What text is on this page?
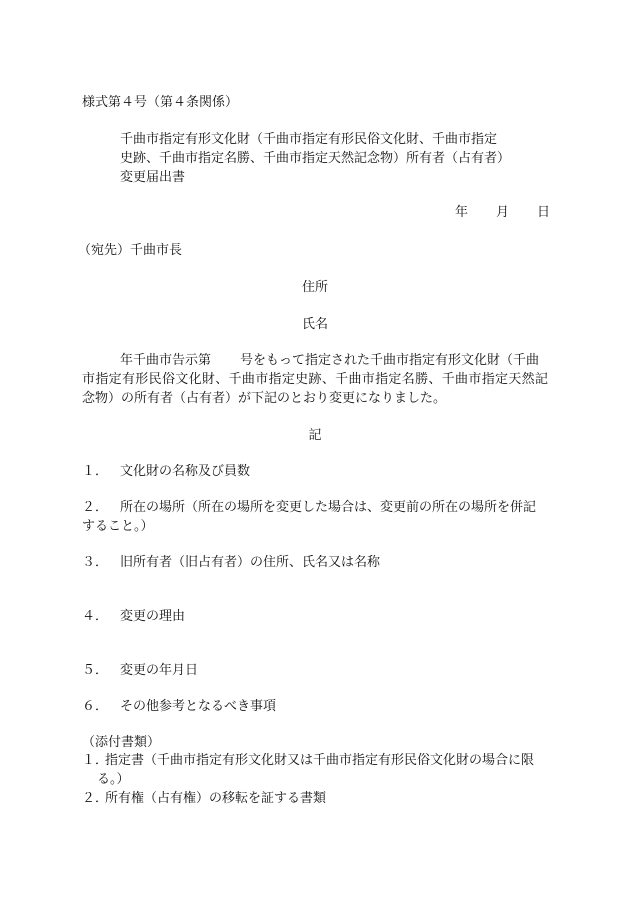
様式第４号（第４条関係）

千曲市指定有形文化財（千曲市指定有形民俗文化財、千曲市指定

史跡、千曲市指定名勝、千曲市指定天然記念物）所有者（占有者）

変更届出書

年 月 日

（宛先）千曲市長

住所

氏名

年千曲市告示第 号をもって指定された千曲市指定有形文化財（千曲

市指定有形民俗文化財、千曲市指定史跡、千曲市指定名勝、千曲市指定天然記

念物）の所有者（占有者）が下記のとおり変更になりました。

記

１． 文化財の名称及び員数

２． 所在の場所（所在の場所を変更した場合は、変更前の所在の場所を併記

すること。）

３． 旧所有者（旧占有者）の住所、氏名又は名称

４． 変更の理由

５． 変更の年月日

６． その他参考となるべき事項

（添付書類）

１．

指定書（千曲市指定有形文化財又は千曲市指定有形民俗文化財の場合に限

る。）

２．

所有権（占有権）の移転を証する書類
